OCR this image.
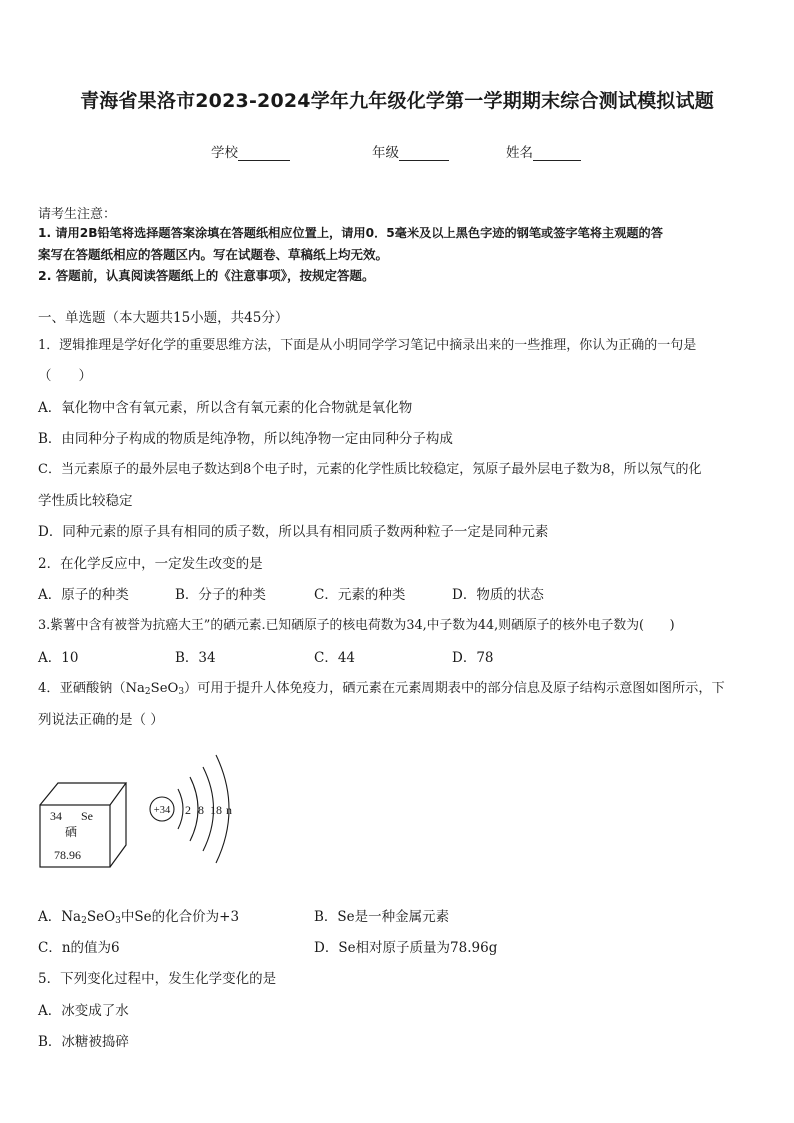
青海省果洛市2023-2024学年九年级化学第一学期期末综合测试模拟试题
学校	年级	姓名
请考生注意：
1. 请用2B铅笔将选择题答案涂填在答题纸相应位置上，请用0．5毫米及以上黑色字迹的钢笔或签字笔将主观题的答
案写在答题纸相应的答题区内。写在试题卷、草稿纸上均无效。
2. 答题前，认真阅读答题纸上的《注意事项》，按规定答题。
一、单选题（本大题共15小题，共45分）
1．逻辑推理是学好化学的重要思维方法，下面是从小明同学学习笔记中摘录出来的一些推理，你认为正确的一句是
（　　）
A．氧化物中含有氧元素，所以含有氧元素的化合物就是氧化物
B．由同种分子构成的物质是纯净物，所以纯净物一定由同种分子构成
C．当元素原子的最外层电子数达到8个电子时，元素的化学性质比较稳定，氖原子最外层电子数为8，所以氖气的化
学性质比较稳定
D．同种元素的原子具有相同的质子数，所以具有相同质子数两种粒子一定是同种元素
2．在化学反应中，一定发生改变的是
A．原子的种类	B．分子的种类	C．元素的种类	D．物质的状态
3.紫薯中含有被誉为抗癌大王”的硒元素.已知硒原子的核电荷数为34,中子数为44,则硒原子的核外电子数为(　　)
A．10	B．34	C．44	D．78
4．亚硒酸钠$(Na_2SeO_3)$可用于提升人体免疫力，硒元素在元素周期表中的部分信息及原子结构示意图如图所示，下
列说法正确的是（ ）
34 Se
硒
78.96
+34 2 8 18 n
A．$Na_2SeO_3$中Se的化合价为+3	B．Se是一种金属元素
C．n的值为6	D．Se相对原子质量为78.96g
5．下列变化过程中，发生化学变化的是
A．冰变成了水
B．冰糖被捣碎
